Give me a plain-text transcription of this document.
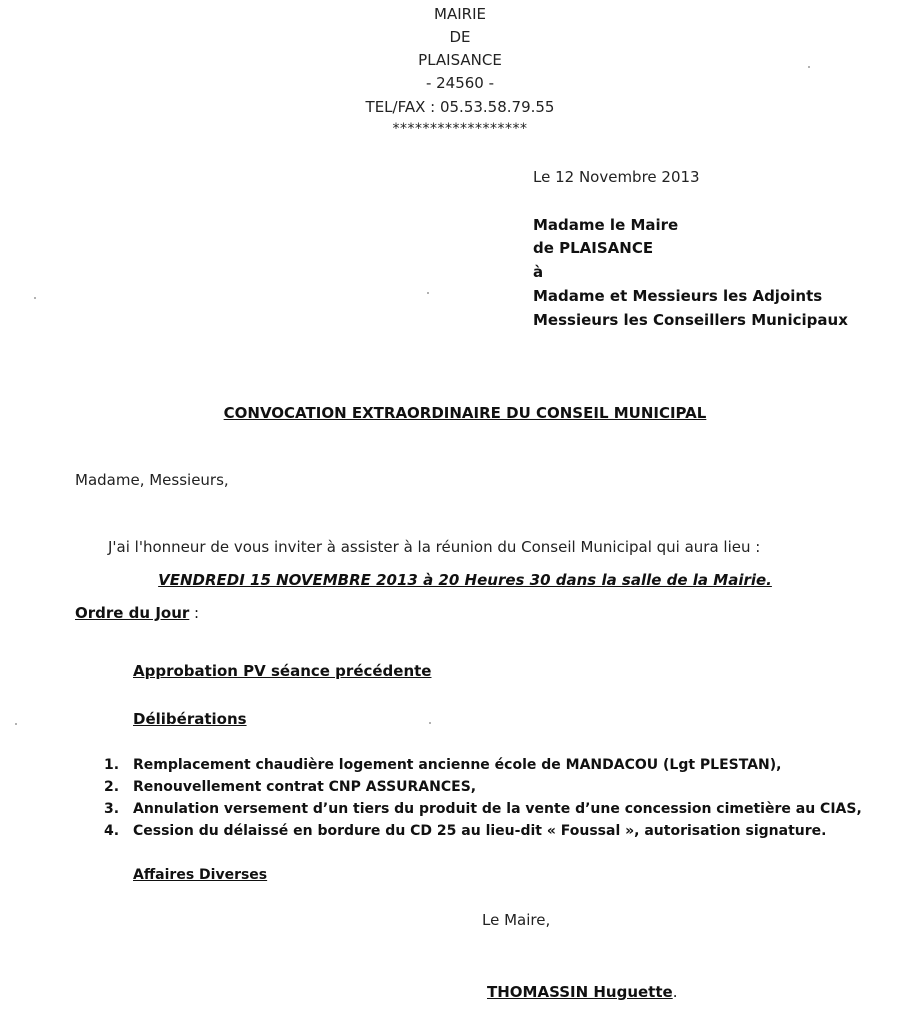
MAIRIE
DE
PLAISANCE
- 24560 -
TEL/FAX : 05.53.58.79.55
******************
Le 12 Novembre 2013
Madame le Maire
de PLAISANCE
à
Madame et Messieurs les Adjoints
Messieurs les Conseillers Municipaux
CONVOCATION EXTRAORDINAIRE DU CONSEIL MUNICIPAL
Madame, Messieurs,
J'ai l'honneur de vous inviter à assister à la réunion du Conseil Municipal qui aura lieu :
VENDREDI 15 NOVEMBRE 2013 à 20 Heures 30 dans la salle de la Mairie.
Ordre du Jour :
Approbation PV séance précédente
Délibérations
1. Remplacement chaudière logement ancienne école de MANDACOU (Lgt PLESTAN),
2. Renouvellement contrat CNP ASSURANCES,
3. Annulation versement d’un tiers du produit de la vente d’une concession cimetière au CIAS,
4. Cession du délaissé en bordure du CD 25 au lieu-dit « Foussal », autorisation signature.
Affaires Diverses
Le Maire,
THOMASSIN Huguette.
